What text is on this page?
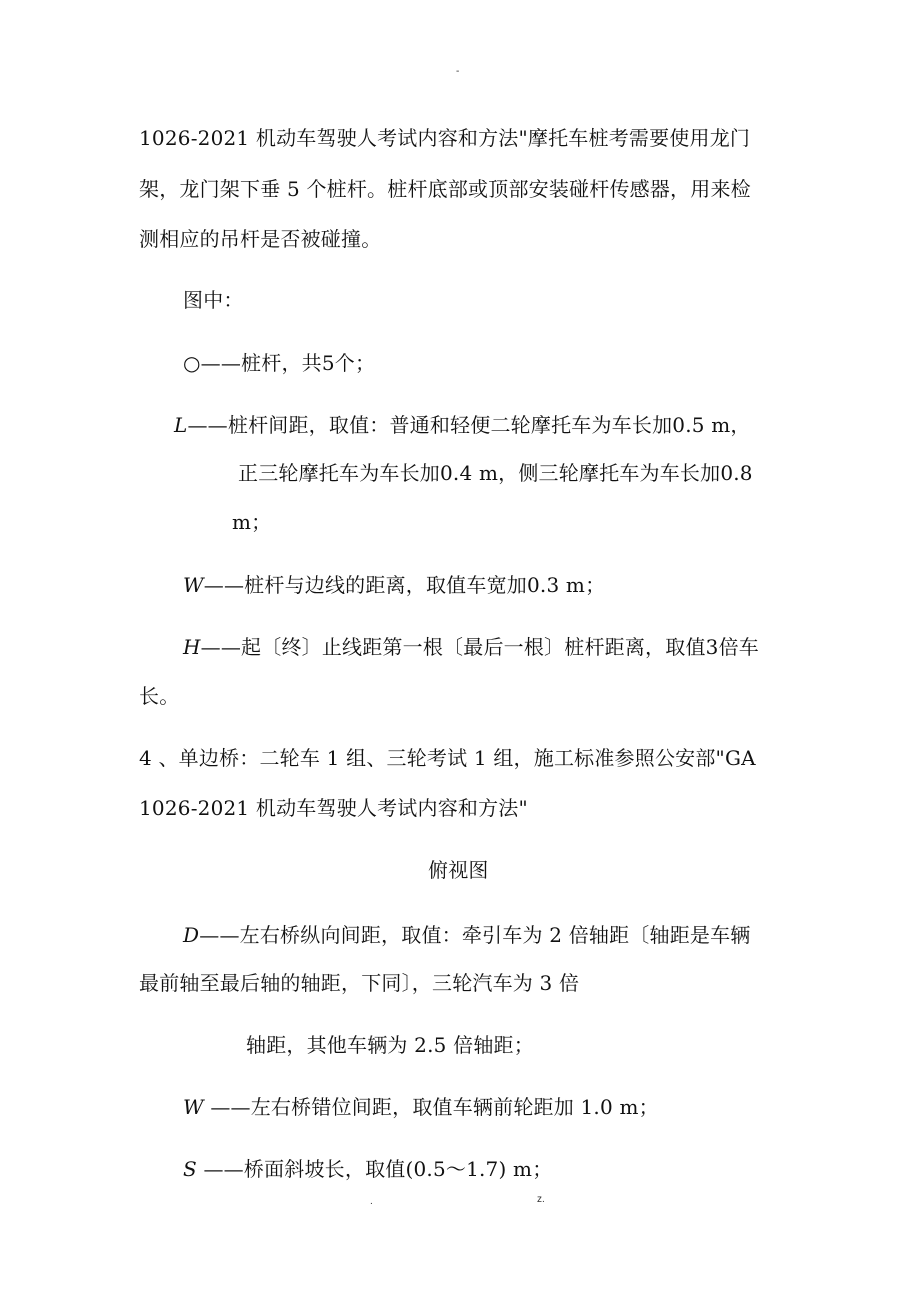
-
1026-2021 机动车驾驶人考试内容和方法"摩托车桩考需要使用龙门
架，龙门架下垂 5 个桩杆。桩杆底部或顶部安装碰杆传感器，用来检
测相应的吊杆是否被碰撞。
图中：
○——桩杆，共5个；
L——桩杆间距，取值：普通和轻便二轮摩托车为车长加0.5 m，
正三轮摩托车为车长加0.4 m，侧三轮摩托车为车长加0.8
m；
W——桩杆与边线的距离，取值车宽加0.3 m；
H——起〔终〕止线距第一根〔最后一根〕桩杆距离，取值3倍车
长。
4 、单边桥：二轮车 1 组、三轮考试 1 组，施工标准参照公安部"GA
1026-2021 机动车驾驶人考试内容和方法"
俯视图
D——左右桥纵向间距，取值：牵引车为 2 倍轴距〔轴距是车辆
最前轴至最后轴的轴距，下同〕，三轮汽车为 3 倍
轴距，其他车辆为 2.5 倍轴距；
W ——左右桥错位间距，取值车辆前轮距加 1.0 m；
S ——桥面斜坡长，取值(0.5～1.7) m；
.	z.
